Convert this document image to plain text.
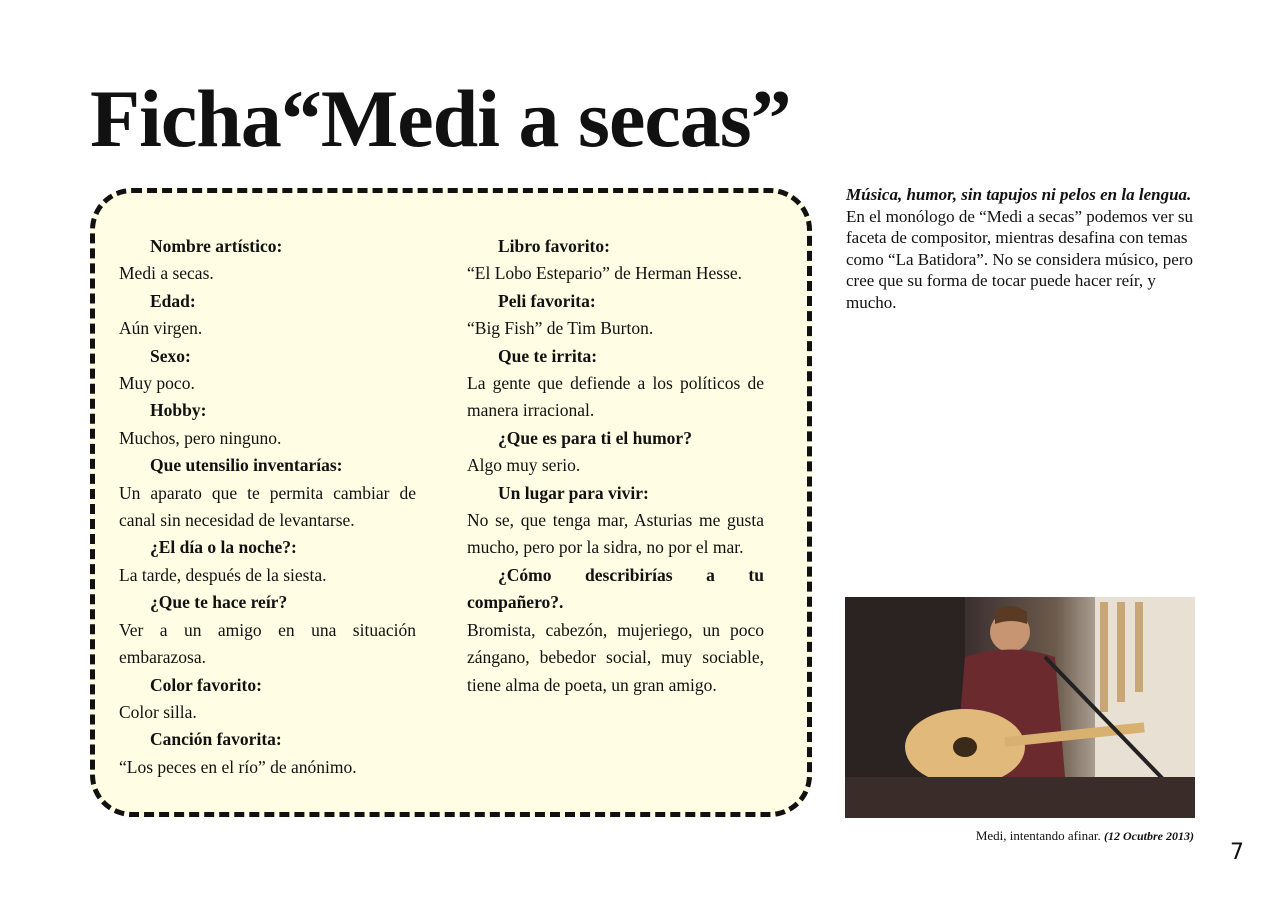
Ficha“Medi a secas”
Nombre artístico:
Medi a secas.
Edad:
Aún virgen.
Sexo:
Muy poco.
Hobby:
Muchos, pero ninguno.
Que utensilio inventarías:
Un aparato que te permita cambiar de canal sin necesidad de levantarse.
¿El día o la noche?:
La tarde, después de la siesta.
¿Que te hace reír?
Ver a un amigo en una situación embarazosa.
Color favorito:
Color silla.
Canción favorita:
“Los peces en el río” de anónimo.
Libro favorito:
“El Lobo Estepario” de Herman Hesse.
Peli favorita:
“Big Fish” de Tim Burton.
Que te irrita:
La gente que defiende a los políticos de manera irracional.
¿Que es para ti el humor?
Algo muy serio.
Un lugar para vivir:
No se, que tenga mar, Asturias me gusta mucho, pero por la sidra, no por el mar.
¿Cómo describirías a tu compañero?.
Bromista, cabezón, mujeriego, un poco zángano, bebedor social, muy sociable, tiene alma de poeta, un gran amigo.
Música, humor, sin tapujos ni pelos en la lengua. En el monólogo de “Medi a secas” podemos ver su faceta de compositor, mientras desafina con temas como “La Batidora”. No se considera músico, pero cree que su forma de tocar puede hacer reír, y mucho.
Medi, intentando afinar. (12 Ocutbre 2013)
7
